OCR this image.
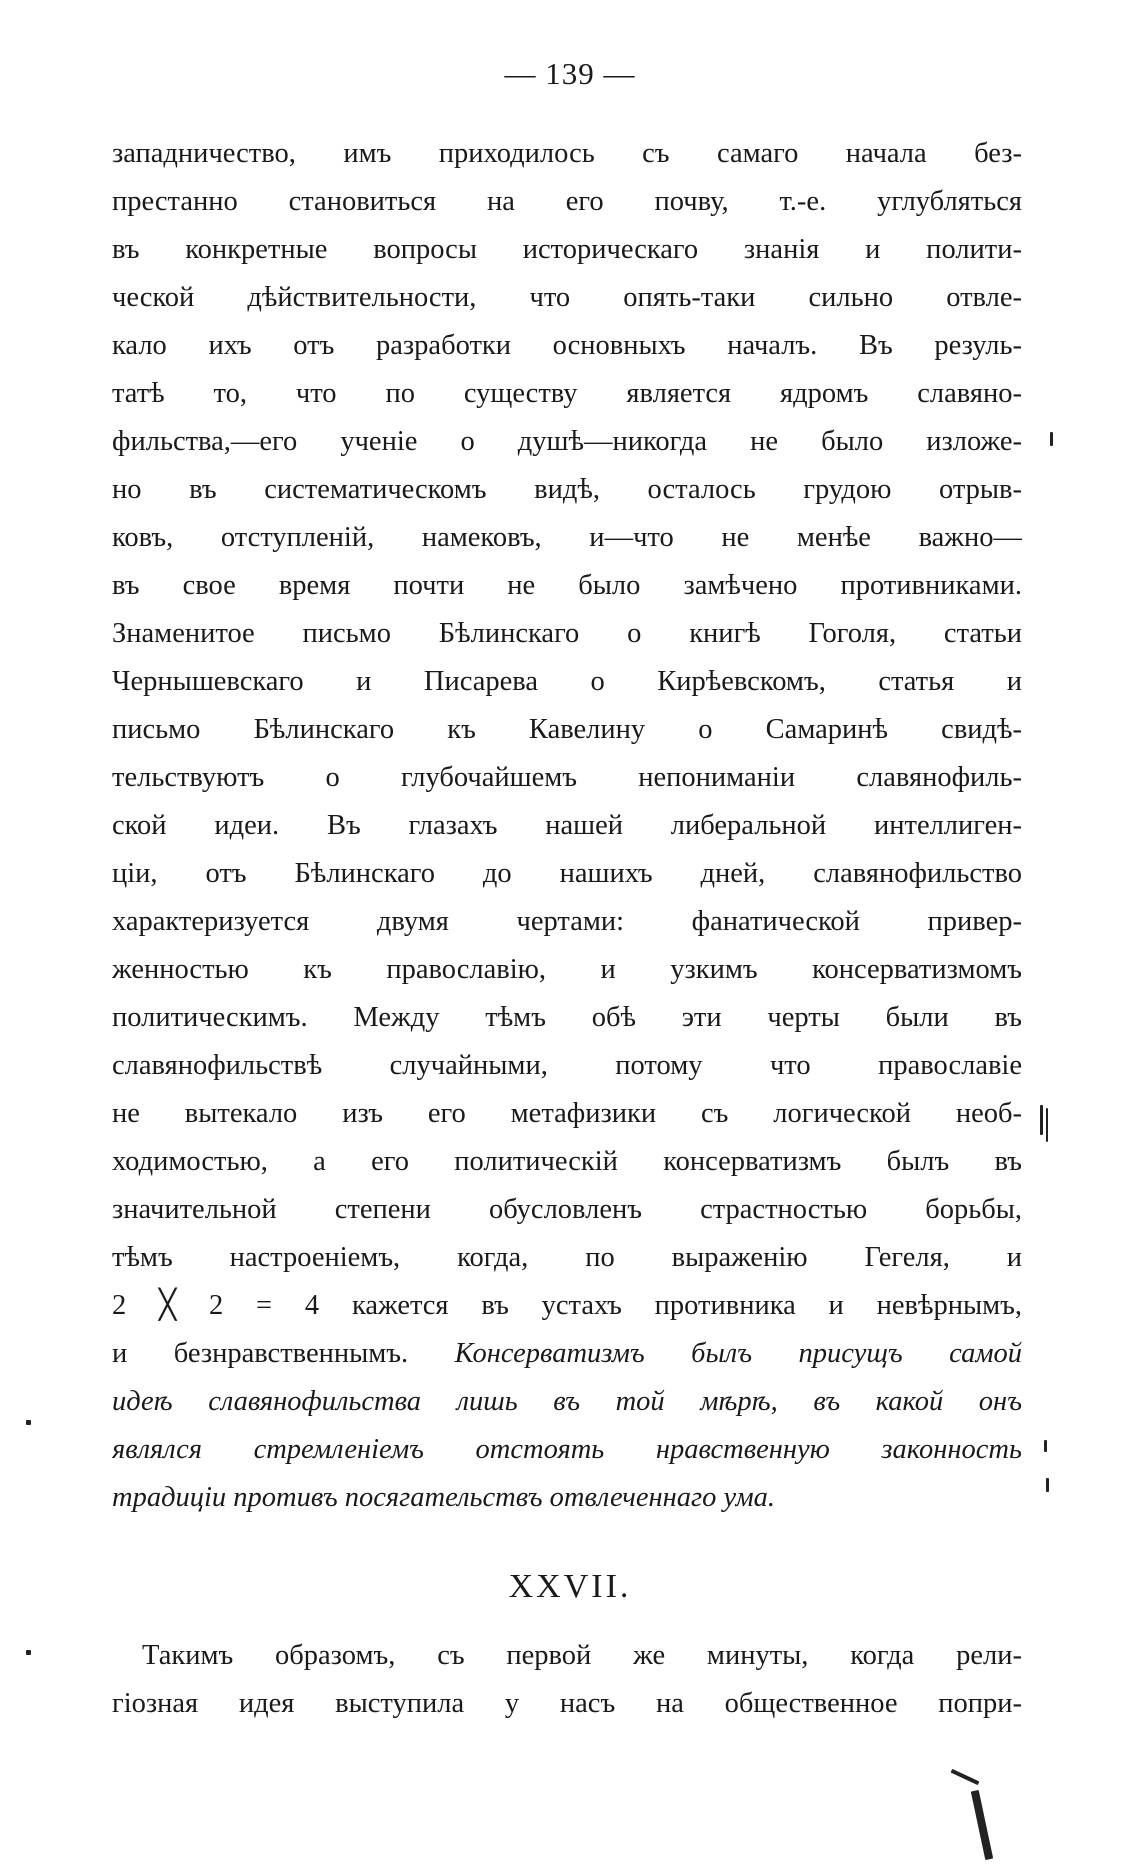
— 139 —
западничество, имъ приходилось съ самаго начала без-
престанно становиться на его почву, т.-е. углубляться
въ конкретные вопросы историческаго знанія и полити-
ческой дѣйствительности, что опять-таки сильно отвле-
кало ихъ отъ разработки основныхъ началъ. Въ резуль-
татѣ то, что по существу является ядромъ славяно-
фильства,—его ученіе о душѣ—никогда не было изложе-
но въ систематическомъ видѣ, осталось грудою отрыв-
ковъ, отступленій, намековъ, и—что не менѣе важно—
въ свое время почти не было замѣчено противниками.
Знаменитое письмо Бѣлинскаго о книгѣ Гоголя, статьи
Чернышевскаго и Писарева о Кирѣевскомъ, статья и
письмо Бѣлинскаго къ Кавелину о Самаринѣ свидѣ-
тельствуютъ о глубочайшемъ непониманіи славянофиль-
ской идеи. Въ глазахъ нашей либеральной интеллиген-
ціи, отъ Бѣлинскаго до нашихъ дней, славянофильство
характеризуется двумя чертами: фанатической привер-
женностью къ православію, и узкимъ консерватизмомъ
политическимъ. Между тѣмъ обѣ эти черты были въ
славянофильствѣ случайными, потому что православіе
не вытекало изъ его метафизики съ логической необ-
ходимостью, а его политическій консерватизмъ былъ въ
значительной степени обусловленъ страстностью борьбы,
тѣмъ настроеніемъ, когда, по выраженію Гегеля, и
2 ╳ 2 = 4 кажется въ устахъ противника и невѣрнымъ,
и безнравственнымъ. Консерватизмъ былъ присущъ самой
идеѣ славянофильства лишь въ той мѣрѣ, въ какой онъ
являлся стремленіемъ отстоять нравственную законность
традиціи противъ посягательствъ отвлеченнаго ума.
XXVII.
Такимъ образомъ, съ первой же минуты, когда рели-
гіозная идея выступила у насъ на общественное попри-
